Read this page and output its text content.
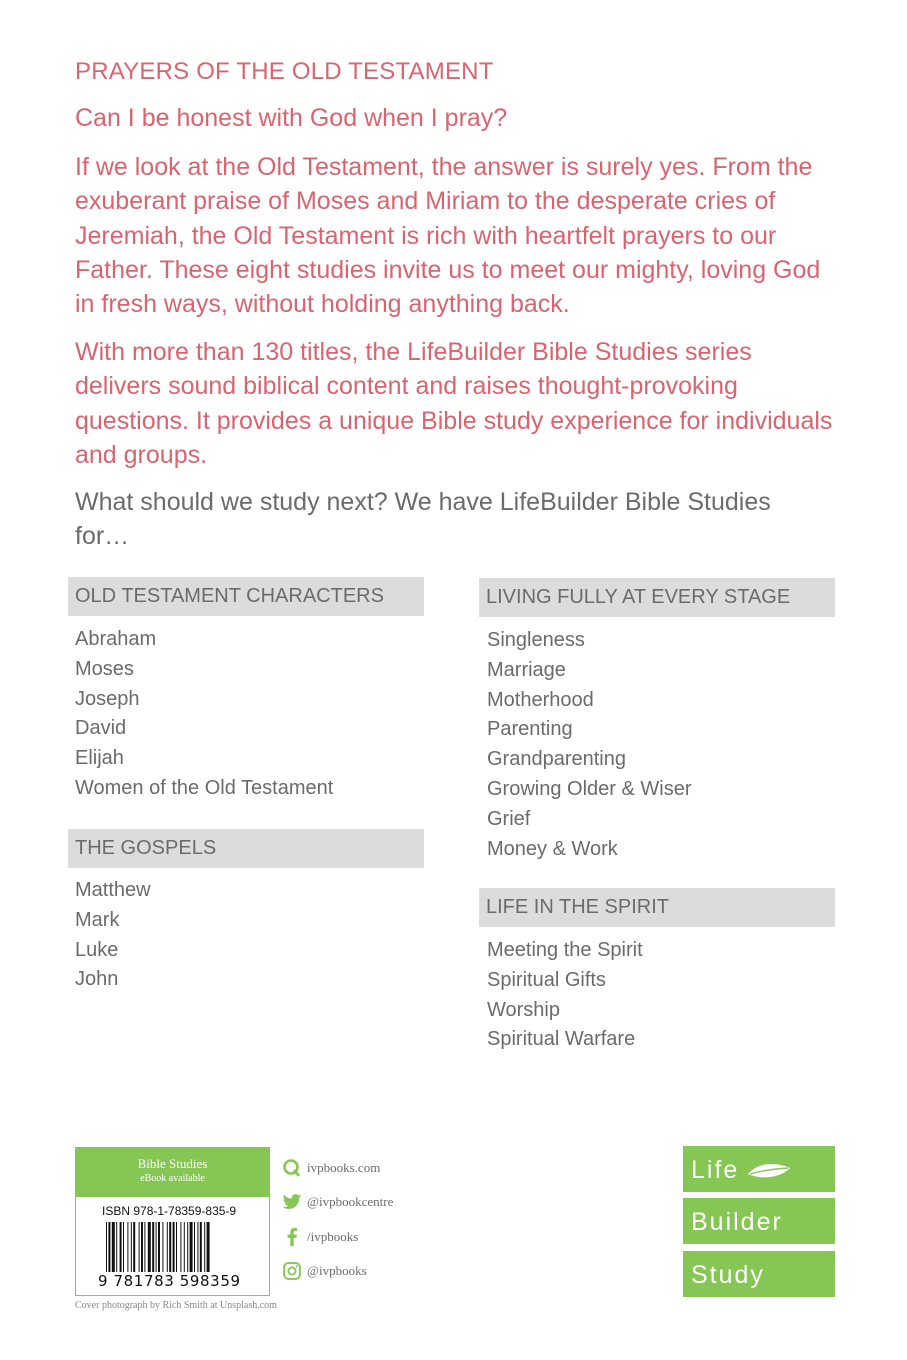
PRAYERS OF THE OLD TESTAMENT
Can I be honest with God when I pray?
If we look at the Old Testament, the answer is surely yes. From the exuberant praise of Moses and Miriam to the desperate cries of Jeremiah, the Old Testament is rich with heartfelt prayers to our Father. These eight studies invite us to meet our mighty, loving God in fresh ways, without holding anything back.
With more than 130 titles, the LifeBuilder Bible Studies series delivers sound biblical content and raises thought-provoking questions. It provides a unique Bible study experience for individuals and groups.
What should we study next? We have LifeBuilder Bible Studies for…
OLD TESTAMENT CHARACTERS
Abraham
Moses
Joseph
David
Elijah
Women of the Old Testament
THE GOSPELS
Matthew
Mark
Luke
John
LIVING FULLY AT EVERY STAGE
Singleness
Marriage
Motherhood
Parenting
Grandparenting
Growing Older & Wiser
Grief
Money & Work
LIFE IN THE SPIRIT
Meeting the Spirit
Spiritual Gifts
Worship
Spiritual Warfare
Bible Studies
eBook available
ISBN 978-1-78359-835-9
9 781783 598359
Cover photograph by Rich Smith at Unsplash.com
ivpbooks.com
@ivpbookcentre
/ivpbooks
@ivpbooks
Life
Builder
Study
